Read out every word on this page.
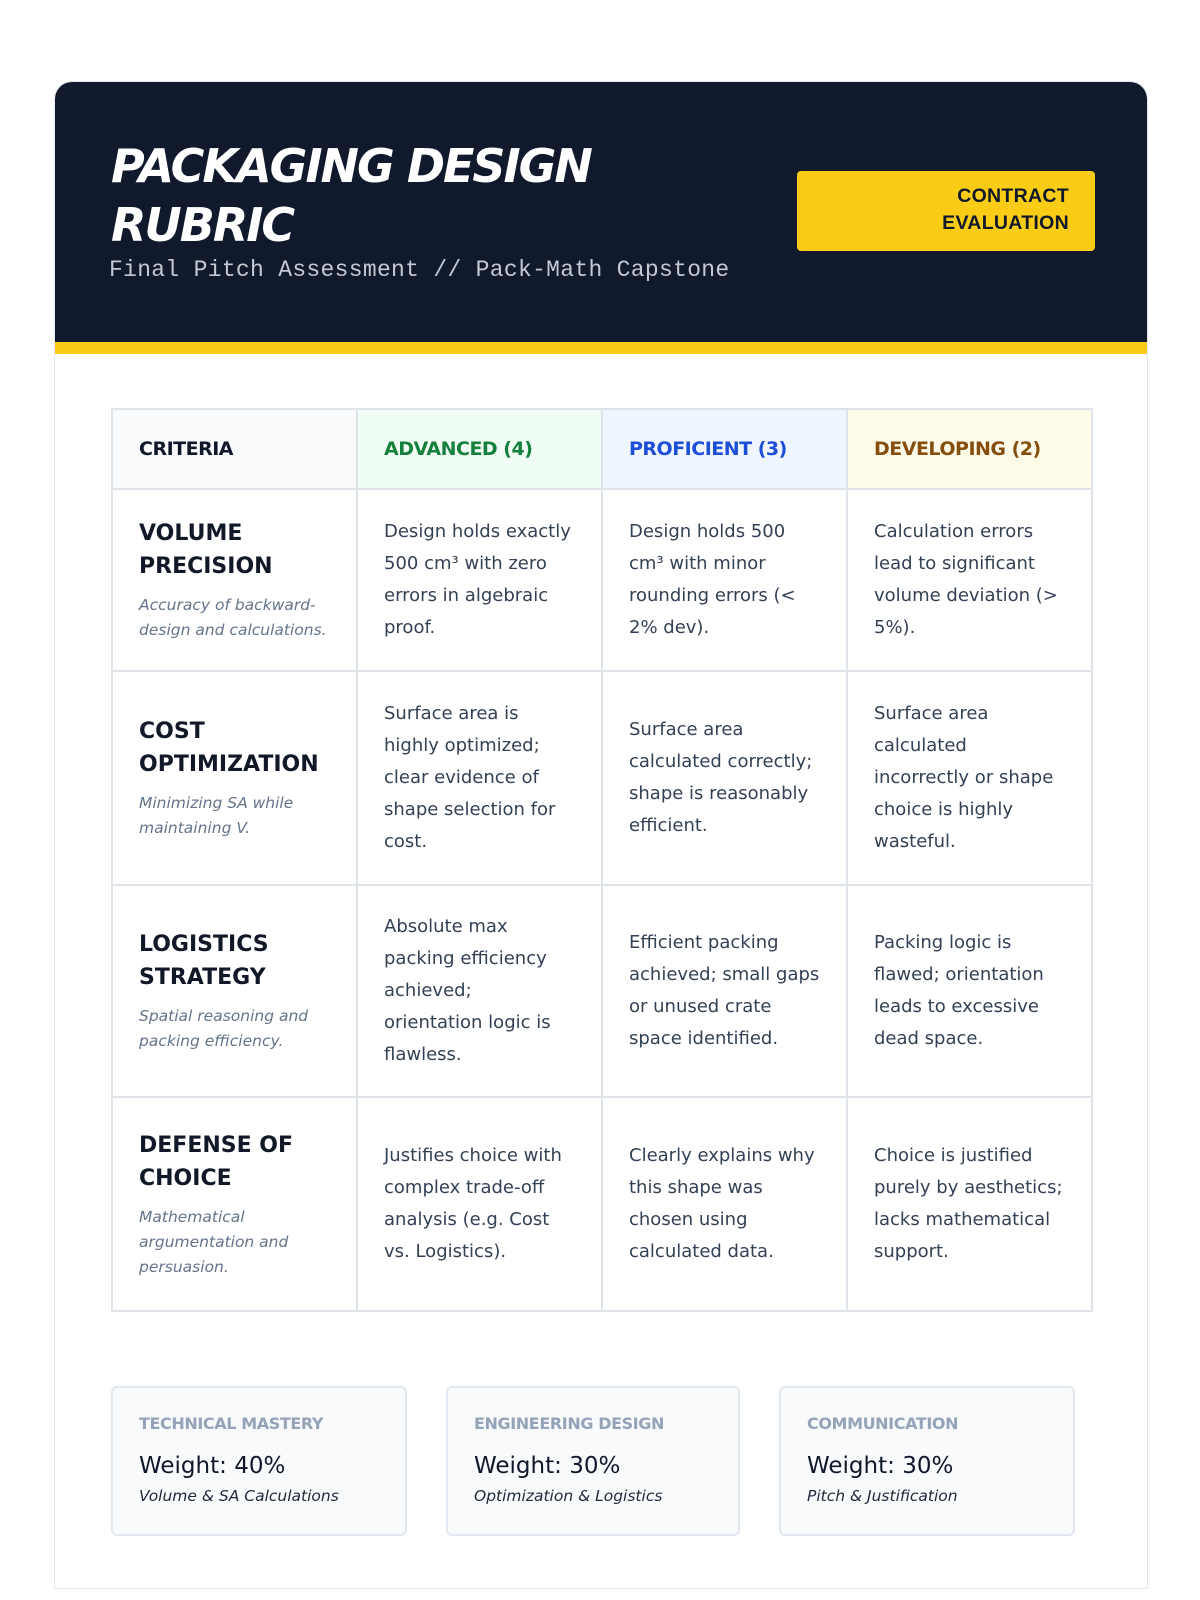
PACKAGING DESIGN RUBRIC
Final Pitch Assessment // Pack-Math Capstone
CONTRACT
EVALUATION
CRITERIA	ADVANCED (4)	PROFICIENT (3)	DEVELOPING (2)

VOLUME PRECISION
Accuracy of backward-design and calculations.	Design holds exactly 500 cm³ with zero errors in algebraic proof.	Design holds 500 cm³ with minor rounding errors (< 2% dev).	Calculation errors lead to significant volume deviation (> 5%).

COST OPTIMIZATION
Minimizing SA while maintaining V.	Surface area is highly optimized; clear evidence of shape selection for cost.	Surface area calculated correctly; shape is reasonably efficient.	Surface area calculated incorrectly or shape choice is highly wasteful.

LOGISTICS STRATEGY
Spatial reasoning and packing efficiency.	Absolute max packing efficiency achieved; orientation logic is flawless.	Efficient packing achieved; small gaps or unused crate space identified.	Packing logic is flawed; orientation leads to excessive dead space.

DEFENSE OF CHOICE
Mathematical argumentation and persuasion.	Justifies choice with complex trade-off analysis (e.g. Cost vs. Logistics).	Clearly explains why this shape was chosen using calculated data.	Choice is justified purely by aesthetics; lacks mathematical support.
TECHNICAL MASTERY
Weight: 40%
Volume & SA Calculations
ENGINEERING DESIGN
Weight: 30%
Optimization & Logistics
COMMUNICATION
Weight: 30%
Pitch & Justification
